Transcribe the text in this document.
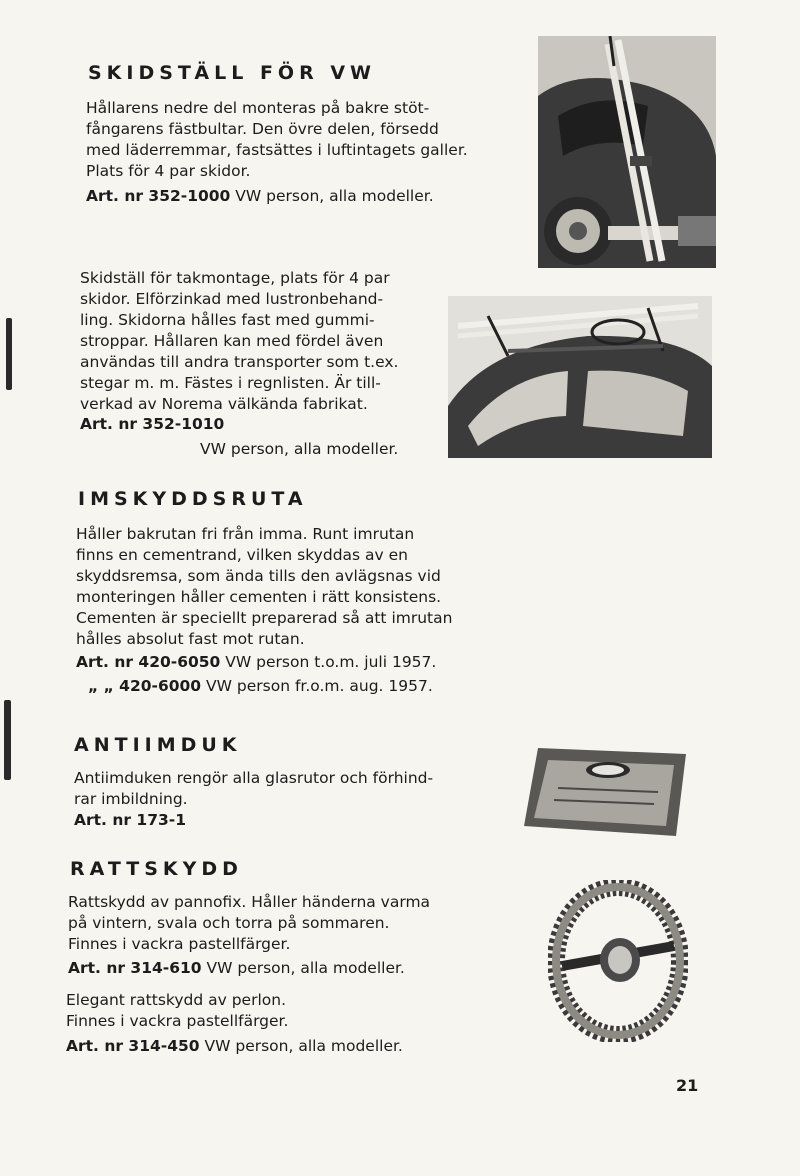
SKIDSTÄLL FÖR VW

Hållarens nedre del monteras på bakre stöt-
fångarens fästbultar. Den övre delen, försedd
med läderremmar, fastsättes i luftintagets galler.
Plats för 4 par skidor.

Art. nr 352-1000 VW person, alla modeller.

Skidställ för takmontage, plats för 4 par
skidor. Elförzinkad med lustronbehand-
ling. Skidorna hålles fast med gummi-
stroppar. Hållaren kan med fördel även
användas till andra transporter som t.ex.
stegar m. m. Fästes i regnlisten. Är till-
verkad av Norema välkända fabrikat.

Art. nr 352-1010
VW person, alla modeller.
IMSKYDDSRUTA

Håller bakrutan fri från imma. Runt imrutan
finns en cementrand, vilken skyddas av en
skyddsremsa, som ända tills den avlägsnas vid
monteringen håller cementen i rätt konsistens.
Cementen är speciellt preparerad så att imrutan
hålles absolut fast mot rutan.

Art. nr 420-6050 VW person t.o.m. juli 1957.
„ „ 420-6000 VW person fr.o.m. aug. 1957.
ANTIIMDUK

Antiimduken rengör alla glasrutor och förhind-
rar imbildning.

Art. nr 173-1
RATTSKYDD

Rattskydd av pannofix. Håller händerna varma
på vintern, svala och torra på sommaren.
Finnes i vackra pastellfärger.

Art. nr 314-610 VW person, alla modeller.

Elegant rattskydd av perlon.
Finnes i vackra pastellfärger.

Art. nr 314-450 VW person, alla modeller.
21
